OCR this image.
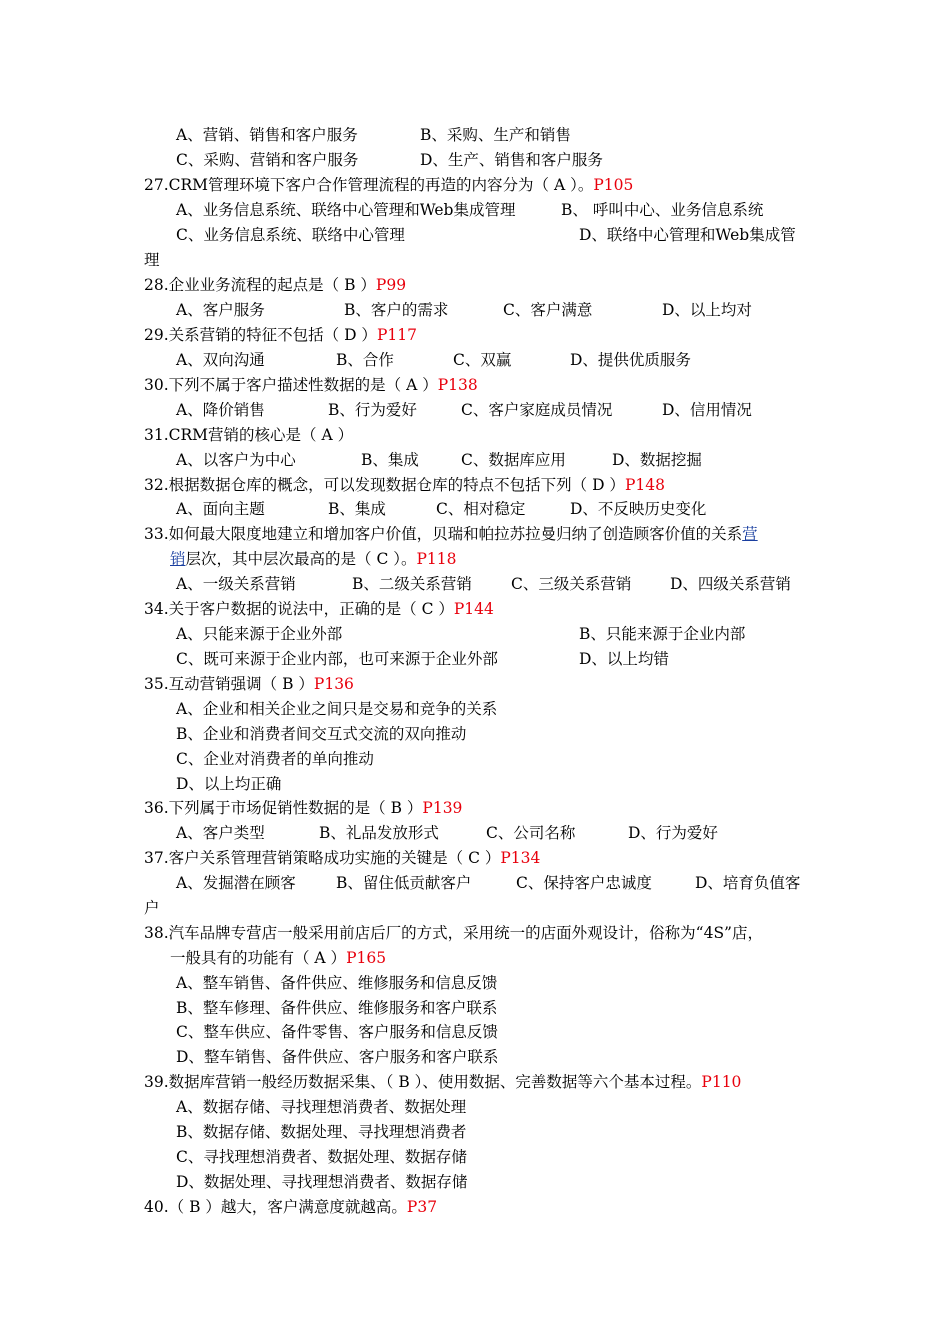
A、营销、销售和客户服务	B、采购、生产和销售
C、采购、营销和客户服务	D、生产、销售和客户服务
27.CRM管理环境下客户合作管理流程的再造的内容分为（ A ）。P105
A、业务信息系统、联络中心管理和Web集成管理	B、 呼叫中心、业务信息系统
C、业务信息系统、联络中心管理	D、联络中心管理和Web集成管
理
28.企业业务流程的起点是（ B ）P99
A、客户服务	B、客户的需求	C、客户满意	D、以上均对
29.关系营销的特征不包括（ D ）P117
A、双向沟通	B、合作	C、双赢	D、提供优质服务
30.下列不属于客户描述性数据的是（ A ）P138
A、降价销售	B、行为爱好	C、客户家庭成员情况	D、信用情况
31.CRM营销的核心是（ A ）
A、以客户为中心	B、集成	C、数据库应用	D、数据挖掘
32.根据数据仓库的概念，可以发现数据仓库的特点不包括下列（ D ）P148
A、面向主题	B、集成	C、相对稳定	D、不反映历史变化
33.如何最大限度地建立和增加客户价值，贝瑞和帕拉苏拉曼归纳了创造顾客价值的关系营
销层次，其中层次最高的是（ C ）。P118
A、一级关系营销	B、二级关系营销	C、三级关系营销 D、四级关系营销
34.关于客户数据的说法中，正确的是（ C ）P144
A、只能来源于企业外部	B、只能来源于企业内部
C、既可来源于企业内部，也可来源于企业外部	D、以上均错
35.互动营销强调（ B ）P136
A、企业和相关企业之间只是交易和竞争的关系
B、企业和消费者间交互式交流的双向推动
C、企业对消费者的单向推动
D、以上均正确
36.下列属于市场促销性数据的是（ B ）P139
A、客户类型	B、礼品发放形式	C、公司名称	D、行为爱好
37.客户关系管理营销策略成功实施的关键是（ C ）P134
A、发掘潜在顾客	B、留住低贡献客户	C、保持客户忠诚度	D、培育负值客
户
38.汽车品牌专营店一般采用前店后厂的方式，采用统一的店面外观设计，俗称为“4S”店，
一般具有的功能有（ A ）P165
A、整车销售、备件供应、维修服务和信息反馈
B、整车修理、备件供应、维修服务和客户联系
C、整车供应、备件零售、客户服务和信息反馈
D、整车销售、备件供应、客户服务和客户联系
39.数据库营销一般经历数据采集、（ B ）、使用数据、完善数据等六个基本过程。P110
A、数据存储、寻找理想消费者、数据处理
B、数据存储、数据处理、寻找理想消费者
C、寻找理想消费者、数据处理、数据存储
D、数据处理、寻找理想消费者、数据存储
40.（ B ）越大，客户满意度就越高。P37
